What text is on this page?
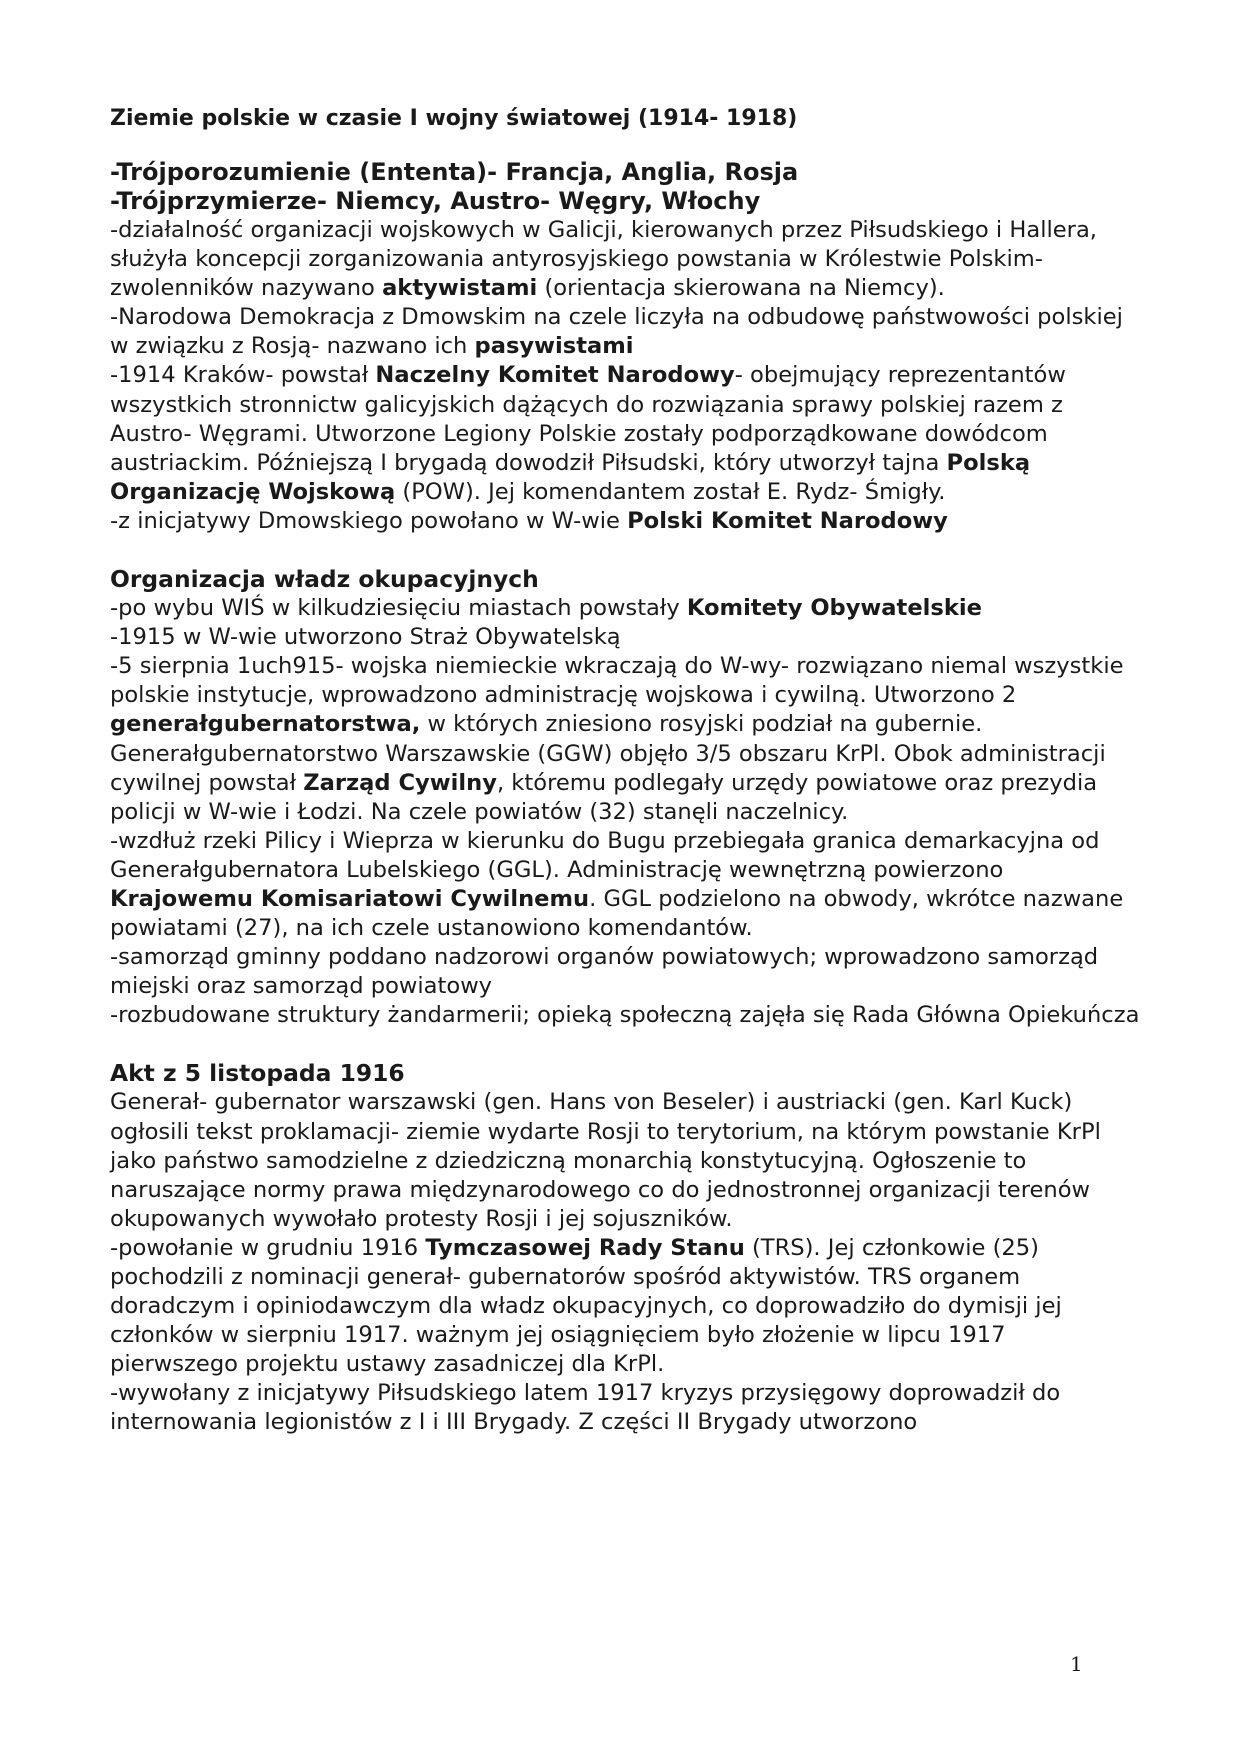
Ziemie polskie w czasie I wojny światowej (1914- 1918)
-Trójporozumienie (Ententa)- Francja, Anglia, Rosja
-Trójprzymierze- Niemcy, Austro- Węgry, Włochy

-działalność organizacji wojskowych w Galicji, kierowanych przez Piłsudskiego i Hallera, służyła koncepcji zorganizowania antyrosyjskiego powstania w Królestwie Polskim- zwolenników nazywano aktywistami (orientacja skierowana na Niemcy).

-Narodowa Demokracja z Dmowskim na czele liczyła na odbudowę państwowości polskiej w związku z Rosją- nazwano ich pasywistami

-1914 Kraków- powstał Naczelny Komitet Narodowy- obejmujący reprezentantów wszystkich stronnictw galicyjskich dążących do rozwiązania sprawy polskiej razem z Austro- Węgrami. Utworzone Legiony Polskie zostały podporządkowane dowódcom austriackim. Późniejszą I brygadą dowodził Piłsudski, który utworzył tajna Polską Organizację Wojskową (POW). Jej komendantem został E. Rydz- Śmigły.

-z inicjatywy Dmowskiego powołano w W-wie Polski Komitet Narodowy

Organizacja władz okupacyjnych

-po wybu WIŚ w kilkudziesięciu miastach powstały Komitety Obywatelskie

-1915 w W-wie utworzono Straż Obywatelską

-5 sierpnia 1uch915- wojska niemieckie wkraczają do W-wy- rozwiązano niemal wszystkie polskie instytucje, wprowadzono administrację wojskowa i cywilną. Utworzono 2 generałgubernatorstwa, w których zniesiono rosyjski podział na gubernie. Generałgubernatorstwo Warszawskie (GGW) objęło 3/5 obszaru KrPl. Obok administracji cywilnej powstał Zarząd Cywilny, któremu podlegały urzędy powiatowe oraz prezydia policji w W-wie i Łodzi. Na czele powiatów (32) stanęli naczelnicy.

-wzdłuż rzeki Pilicy i Wieprza w kierunku do Bugu przebiegała granica demarkacyjna od Generałgubernatora Lubelskiego (GGL). Administrację wewnętrzną powierzono Krajowemu Komisariatowi Cywilnemu. GGL podzielono na obwody, wkrótce nazwane powiatami (27), na ich czele ustanowiono komendantów.

-samorząd gminny poddano nadzorowi organów powiatowych; wprowadzono samorząd miejski oraz samorząd powiatowy

-rozbudowane struktury żandarmerii; opieką społeczną zajęła się Rada Główna Opiekuńcza

Akt z 5 listopada 1916

Generał- gubernator warszawski (gen. Hans von Beseler) i austriacki (gen. Karl Kuck) ogłosili tekst proklamacji- ziemie wydarte Rosji to terytorium, na którym powstanie KrPl jako państwo samodzielne z dziedziczną monarchią konstytucyjną. Ogłoszenie to naruszające normy prawa międzynarodowego co do jednostronnej organizacji terenów okupowanych wywołało protesty Rosji i jej sojuszników.

-powołanie w grudniu 1916 Tymczasowej Rady Stanu (TRS). Jej członkowie (25) pochodzili z nominacji generał- gubernatorów spośród aktywistów. TRS organem doradczym i opiniodawczym dla władz okupacyjnych, co doprowadziło do dymisji jej członków w sierpniu 1917. ważnym jej osiągnięciem było złożenie w lipcu 1917 pierwszego projektu ustawy zasadniczej dla KrPl.

-wywołany z inicjatywy Piłsudskiego latem 1917 kryzys przysięgowy doprowadził do internowania legionistów z I i III Brygady. Z części II Brygady utworzono

1
